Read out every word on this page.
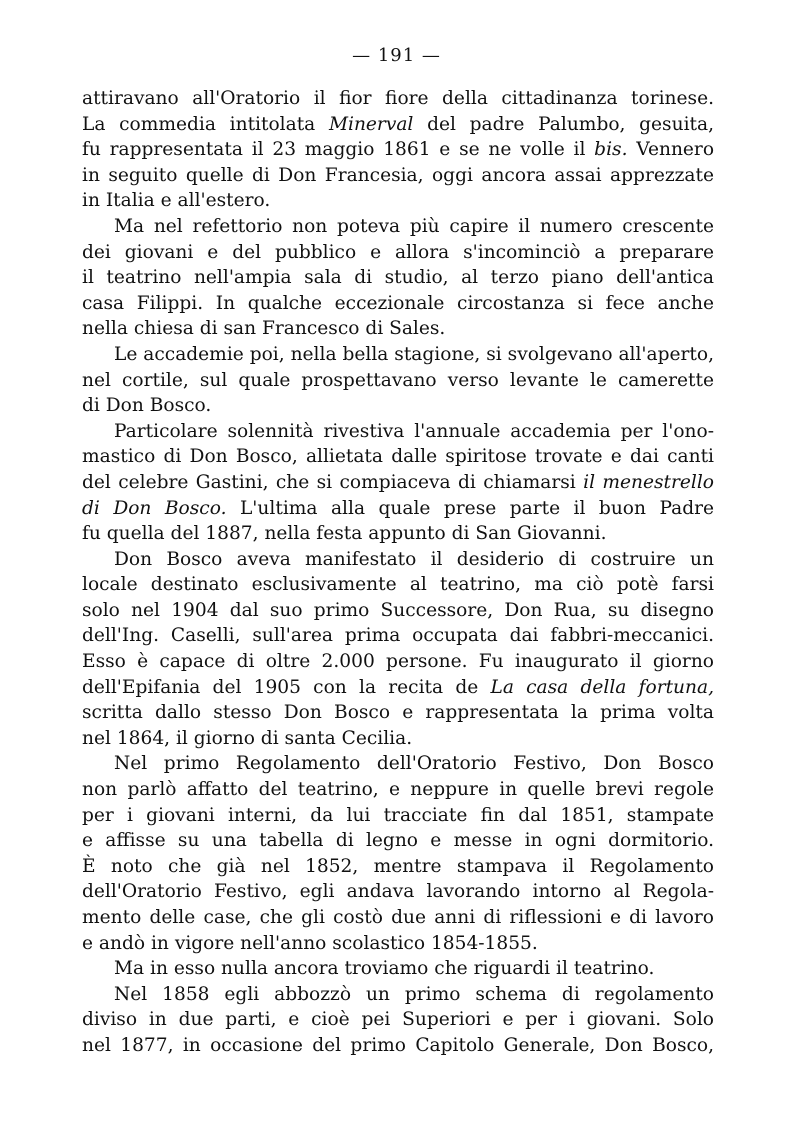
— 191 —
attiravano all'Oratorio il fior fiore della cittadinanza torinese.
La commedia intitolata Minerval del padre Palumbo, gesuita,
fu rappresentata il 23 maggio 1861 e se ne volle il bis. Vennero
in seguito quelle di Don Francesia, oggi ancora assai apprezzate
in Italia e all'estero.
Ma nel refettorio non poteva più capire il numero crescente
dei giovani e del pubblico e allora s'incominciò a preparare
il teatrino nell'ampia sala di studio, al terzo piano dell'antica
casa Filippi. In qualche eccezionale circostanza si fece anche
nella chiesa di san Francesco di Sales.
Le accademie poi, nella bella stagione, si svolgevano all'aperto,
nel cortile, sul quale prospettavano verso levante le camerette
di Don Bosco.
Particolare solennità rivestiva l'annuale accademia per l'ono-
mastico di Don Bosco, allietata dalle spiritose trovate e dai canti
del celebre Gastini, che si compiaceva di chiamarsi il menestrello
di Don Bosco. L'ultima alla quale prese parte il buon Padre
fu quella del 1887, nella festa appunto di San Giovanni.
Don Bosco aveva manifestato il desiderio di costruire un
locale destinato esclusivamente al teatrino, ma ciò potè farsi
solo nel 1904 dal suo primo Successore, Don Rua, su disegno
dell'Ing. Caselli, sull'area prima occupata dai fabbri-meccanici.
Esso è capace di oltre 2.000 persone. Fu inaugurato il giorno
dell'Epifania del 1905 con la recita de La casa della fortuna,
scritta dallo stesso Don Bosco e rappresentata la prima volta
nel 1864, il giorno di santa Cecilia.
Nel primo Regolamento dell'Oratorio Festivo, Don Bosco
non parlò affatto del teatrino, e neppure in quelle brevi regole
per i giovani interni, da lui tracciate fin dal 1851, stampate
e affisse su una tabella di legno e messe in ogni dormitorio.
È noto che già nel 1852, mentre stampava il Regolamento
dell'Oratorio Festivo, egli andava lavorando intorno al Regola-
mento delle case, che gli costò due anni di riflessioni e di lavoro
e andò in vigore nell'anno scolastico 1854-1855.
Ma in esso nulla ancora troviamo che riguardi il teatrino.
Nel 1858 egli abbozzò un primo schema di regolamento
diviso in due parti, e cioè pei Superiori e per i giovani. Solo
nel 1877, in occasione del primo Capitolo Generale, Don Bosco,
